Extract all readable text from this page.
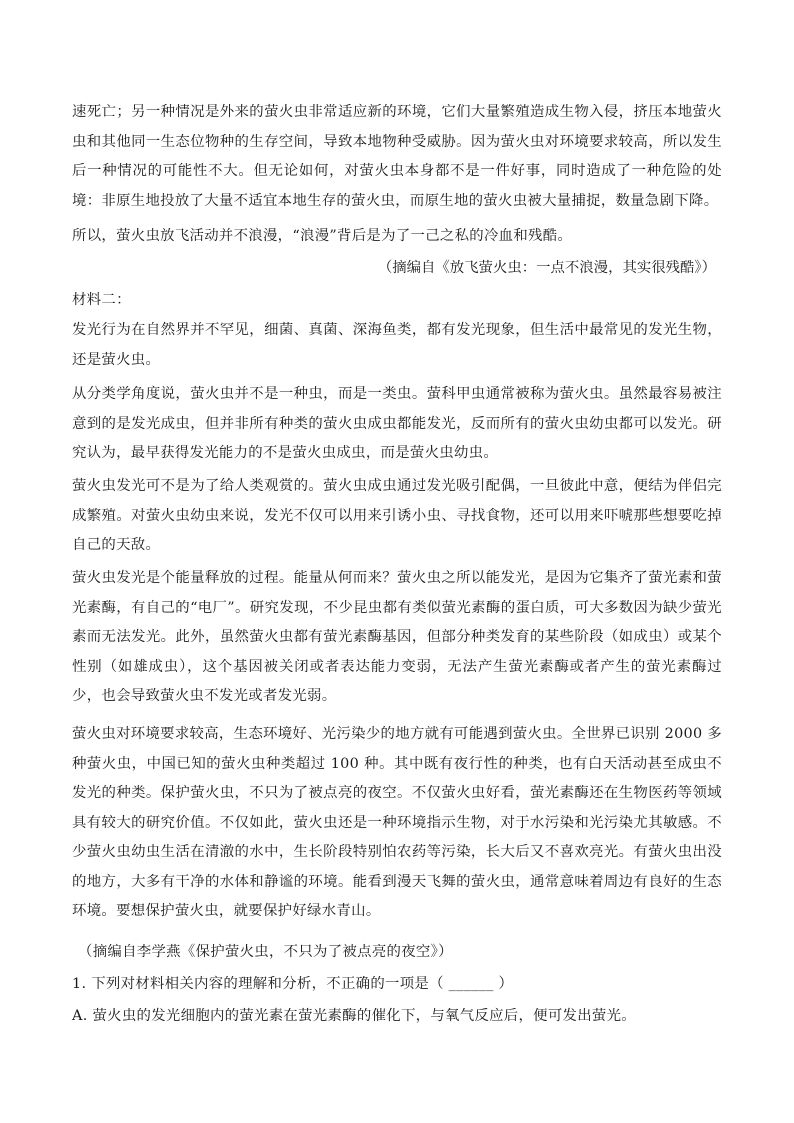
速死亡；另一种情况是外来的萤火虫非常适应新的环境，它们大量繁殖造成生物入侵，挤压本地萤火虫和其他同一生态位物种的生存空间，导致本地物种受威胁。因为萤火虫对环境要求较高，所以发生后一种情况的可能性不大。但无论如何，对萤火虫本身都不是一件好事，同时造成了一种危险的处境：非原生地投放了大量不适宜本地生存的萤火虫，而原生地的萤火虫被大量捕捉，数量急剧下降。

所以，萤火虫放飞活动并不浪漫，“浪漫”背后是为了一己之私的冷血和残酷。

（摘编自《放飞萤火虫：一点不浪漫，其实很残酷》）

材料二：

发光行为在自然界并不罕见，细菌、真菌、深海鱼类，都有发光现象，但生活中最常见的发光生物，还是萤火虫。

从分类学角度说，萤火虫并不是一种虫，而是一类虫。萤科甲虫通常被称为萤火虫。虽然最容易被注意到的是发光成虫，但并非所有种类的萤火虫成虫都能发光，反而所有的萤火虫幼虫都可以发光。研究认为，最早获得发光能力的不是萤火虫成虫，而是萤火虫幼虫。

萤火虫发光可不是为了给人类观赏的。萤火虫成虫通过发光吸引配偶，一旦彼此中意，便结为伴侣完成繁殖。对萤火虫幼虫来说，发光不仅可以用来引诱小虫、寻找食物，还可以用来吓唬那些想要吃掉自己的天敌。

萤火虫发光是个能量释放的过程。能量从何而来？萤火虫之所以能发光，是因为它集齐了萤光素和萤光素酶，有自己的“电厂”。研究发现，不少昆虫都有类似萤光素酶的蛋白质，可大多数因为缺少萤光素而无法发光。此外，虽然萤火虫都有萤光素酶基因，但部分种类发育的某些阶段（如成虫）或某个性别（如雄成虫），这个基因被关闭或者表达能力变弱，无法产生萤光素酶或者产生的萤光素酶过少，也会导致萤火虫不发光或者发光弱。

萤火虫对环境要求较高，生态环境好、光污染少的地方就有可能遇到萤火虫。全世界已识别 2000 多种萤火虫，中国已知的萤火虫种类超过 100 种。其中既有夜行性的种类，也有白天活动甚至成虫不发光的种类。保护萤火虫，不只为了被点亮的夜空。不仅萤火虫好看，萤光素酶还在生物医药等领域具有较大的研究价值。不仅如此，萤火虫还是一种环境指示生物，对于水污染和光污染尤其敏感。不少萤火虫幼虫生活在清澈的水中，生长阶段特别怕农药等污染，长大后又不喜欢亮光。有萤火虫出没的地方，大多有干净的水体和静谧的环境。能看到漫天飞舞的萤火虫，通常意味着周边有良好的生态环境。要想保护萤火虫，就要保护好绿水青山。

（摘编自李学燕《保护萤火虫，不只为了被点亮的夜空》）

1. 下列对材料相关内容的理解和分析，不正确的一项是（ ______ ）

A. 萤火虫的发光细胞内的萤光素在萤光素酶的催化下，与氧气反应后，便可发出萤光。
